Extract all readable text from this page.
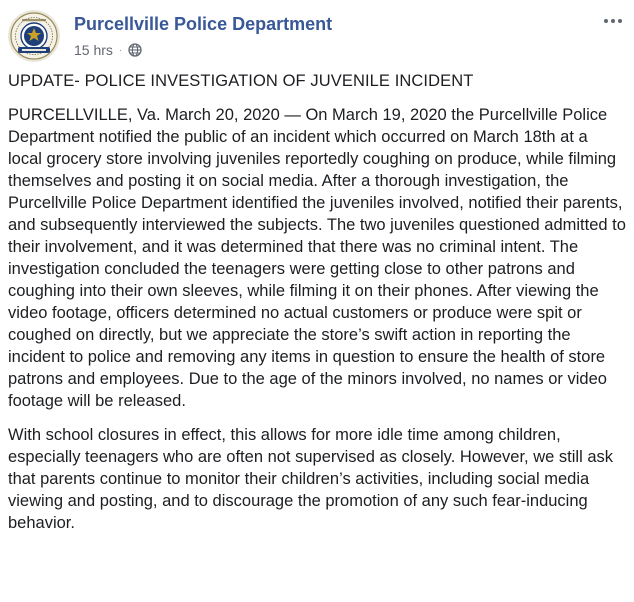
Purcellville Police Department
15 hrs ·

UPDATE- POLICE INVESTIGATION OF JUVENILE INCIDENT

PURCELLVILLE, Va. March 20, 2020 — On March 19, 2020 the Purcellville Police Department notified the public of an incident which occurred on March 18th at a local grocery store involving juveniles reportedly coughing on produce, while filming themselves and posting it on social media. After a thorough investigation, the Purcellville Police Department identified the juveniles involved, notified their parents, and subsequently interviewed the subjects. The two juveniles questioned admitted to their involvement, and it was determined that there was no criminal intent. The investigation concluded the teenagers were getting close to other patrons and coughing into their own sleeves, while filming it on their phones. After viewing the video footage, officers determined no actual customers or produce were spit or coughed on directly, but we appreciate the store’s swift action in reporting the incident to police and removing any items in question to ensure the health of store patrons and employees. Due to the age of the minors involved, no names or video footage will be released.

With school closures in effect, this allows for more idle time among children, especially teenagers who are often not supervised as closely. However, we still ask that parents continue to monitor their children’s activities, including social media viewing and posting, and to discourage the promotion of any such fear-inducing behavior.
